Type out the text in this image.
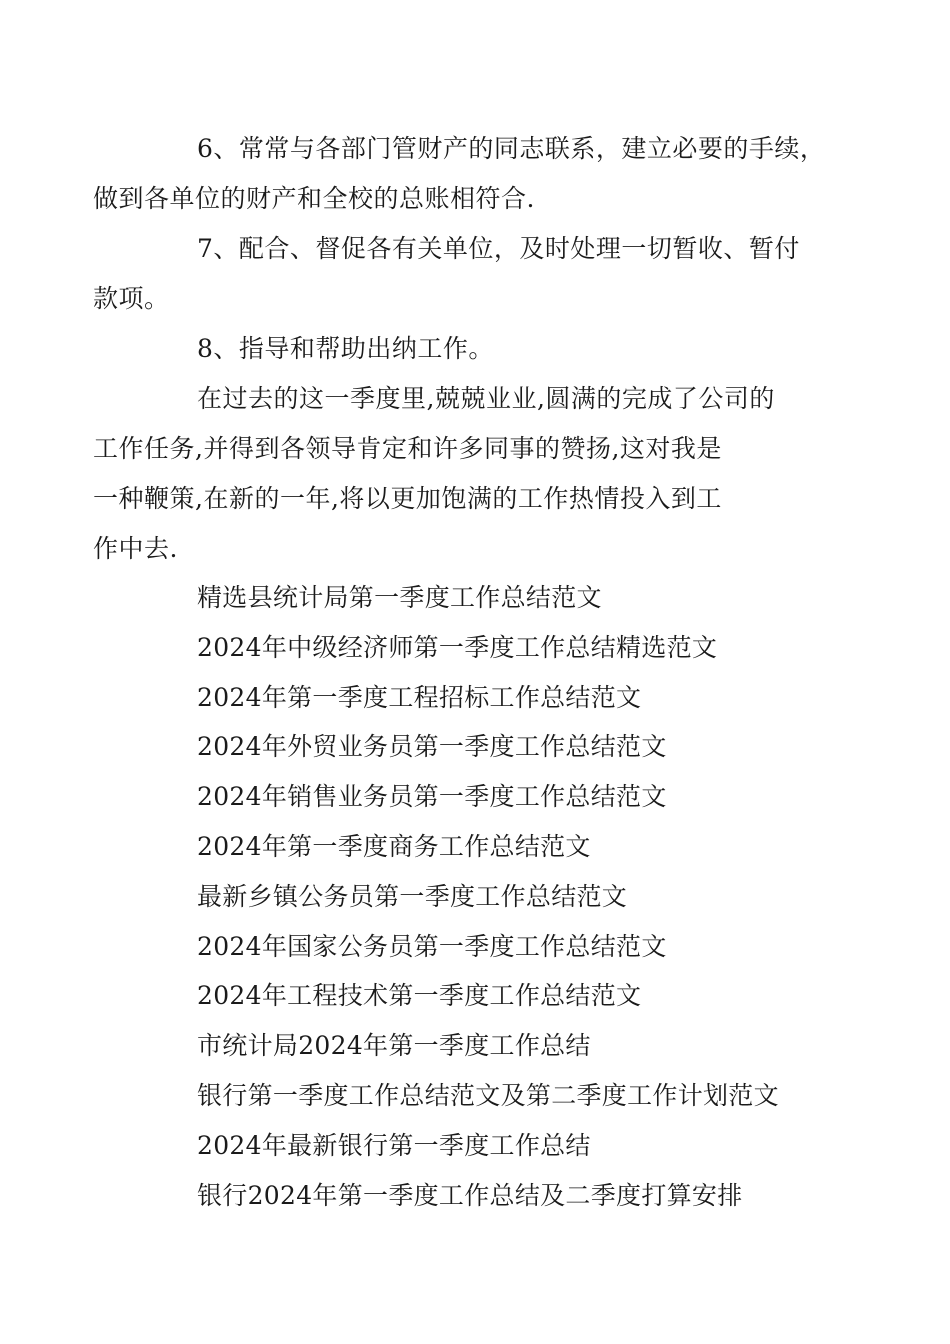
6、常常与各部门管财产的同志联系，建立必要的手续，
做到各单位的财产和全校的总账相符合.

7、配合、督促各有关单位，及时处理一切暂收、暂付
款项。

8、指导和帮助出纳工作。

在过去的这一季度里,兢兢业业,圆满的完成了公司的
工作任务,并得到各领导肯定和许多同事的赞扬,这对我是
一种鞭策,在新的一年,将以更加饱满的工作热情投入到工
作中去.

精选县统计局第一季度工作总结范文
2024年中级经济师第一季度工作总结精选范文
2024年第一季度工程招标工作总结范文
2024年外贸业务员第一季度工作总结范文
2024年销售业务员第一季度工作总结范文
2024年第一季度商务工作总结范文
最新乡镇公务员第一季度工作总结范文
2024年国家公务员第一季度工作总结范文
2024年工程技术第一季度工作总结范文
市统计局2024年第一季度工作总结
银行第一季度工作总结范文及第二季度工作计划范文
2024年最新银行第一季度工作总结
银行2024年第一季度工作总结及二季度打算安排
